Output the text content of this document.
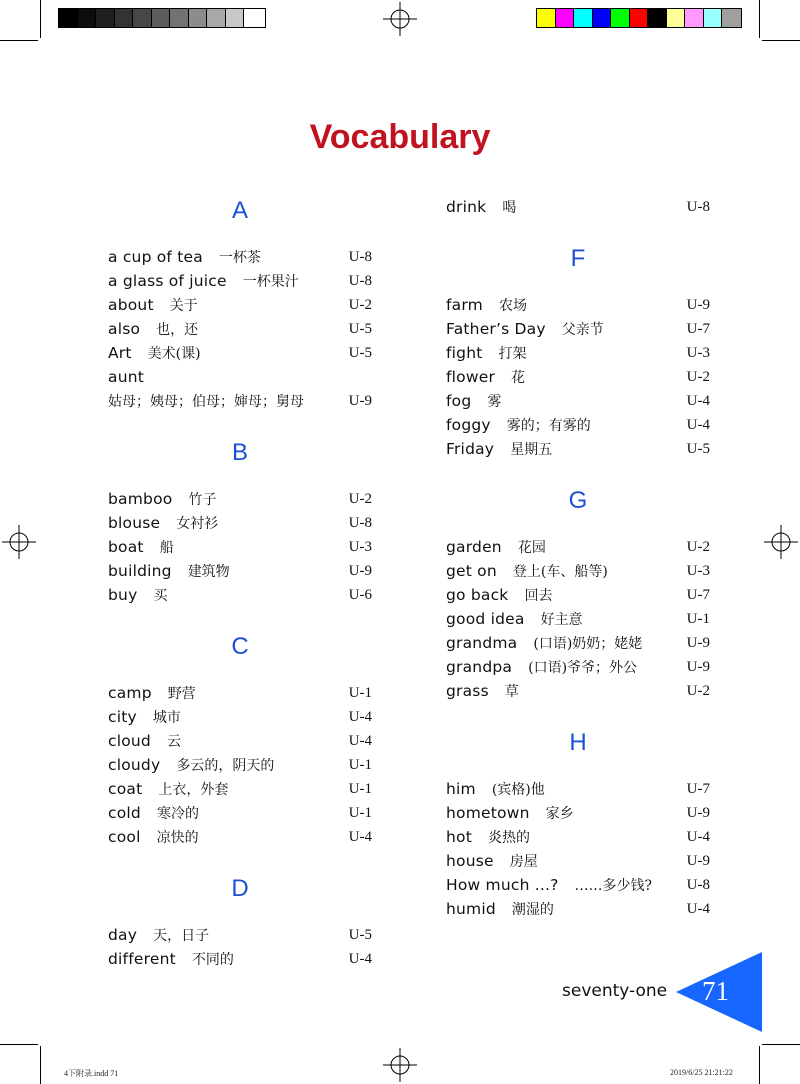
Vocabulary
A
a cup of tea 一杯茶	U-8
a glass of juice 一杯果汁	U-8
about 关于	U-2
also 也，还	U-5
Art 美术(课)	U-5
aunt
姑母；姨母；伯母；婶母；舅母	U-9
B
bamboo 竹子	U-2
blouse 女衬衫	U-8
boat 船	U-3
building 建筑物	U-9
buy 买	U-6
C
camp 野营	U-1
city 城市	U-4
cloud 云	U-4
cloudy 多云的，阴天的	U-1
coat 上衣，外套	U-1
cold 寒冷的	U-1
cool 凉快的	U-4
D
day 天，日子	U-5
different 不同的	U-4
drink 喝	U-8
F
farm 农场	U-9
Father’s Day 父亲节	U-7
fight 打架	U-3
flower 花	U-2
fog 雾	U-4
foggy 雾的；有雾的	U-4
Friday 星期五	U-5
G
garden 花园	U-2
get on 登上(车、船等)	U-3
go back 回去	U-7
good idea 好主意	U-1
grandma (口语)奶奶；姥姥	U-9
grandpa (口语)爷爷；外公	U-9
grass 草	U-2
H
him (宾格)他	U-7
hometown 家乡	U-9
hot 炎热的	U-4
house 房屋	U-9
How much ...? ……多少钱? U-8
humid 潮湿的	U-4
seventy-one 71
4下附录.indd 71	2019/6/25 21:21:22
